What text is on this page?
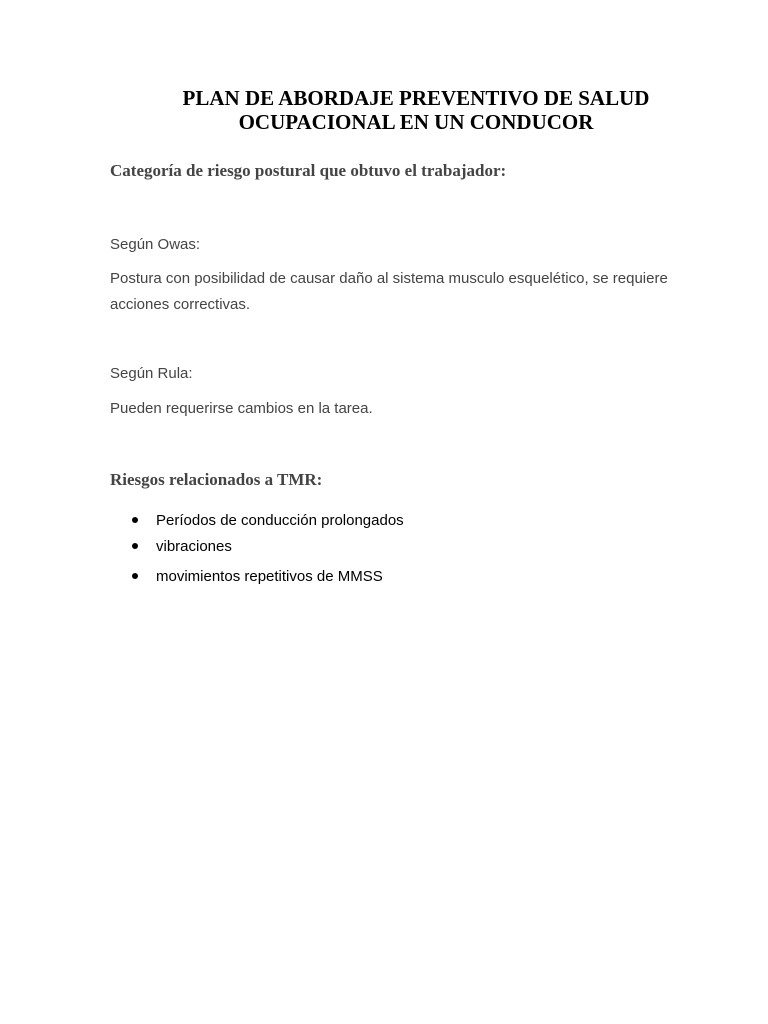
PLAN DE ABORDAJE PREVENTIVO DE SALUD OCUPACIONAL EN UN CONDUCOR
Categoría de riesgo postural que obtuvo el trabajador:

Según Owas:

Postura con posibilidad de causar daño al sistema musculo esquelético, se requiere acciones correctivas.

Según Rula:

Pueden requerirse cambios en la tarea.

Riesgos relacionados a TMR:
Períodos de conducción prolongados
vibraciones
movimientos repetitivos de MMSS
